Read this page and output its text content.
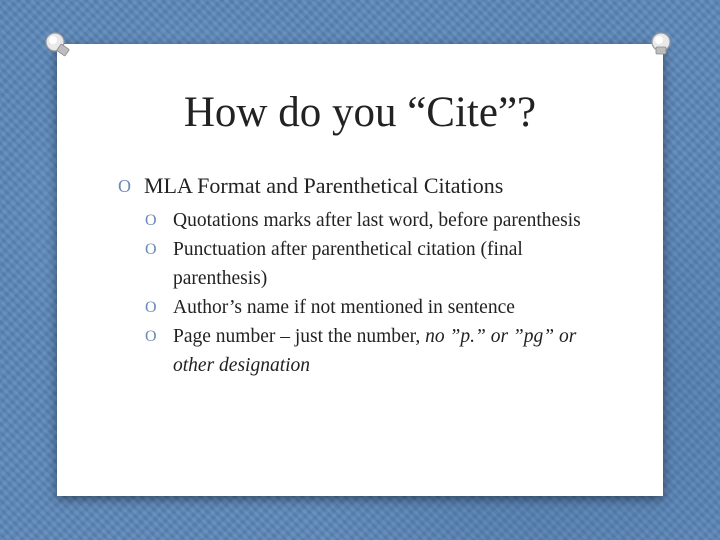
How do you “Cite”?
O MLA Format and Parenthetical Citations
O Quotations marks after last word, before parenthesis
O Punctuation after parenthetical citation (final parenthesis)
O Author’s name if not mentioned in sentence
O Page number – just the number, no ”p.” or ”pg” or other designation
